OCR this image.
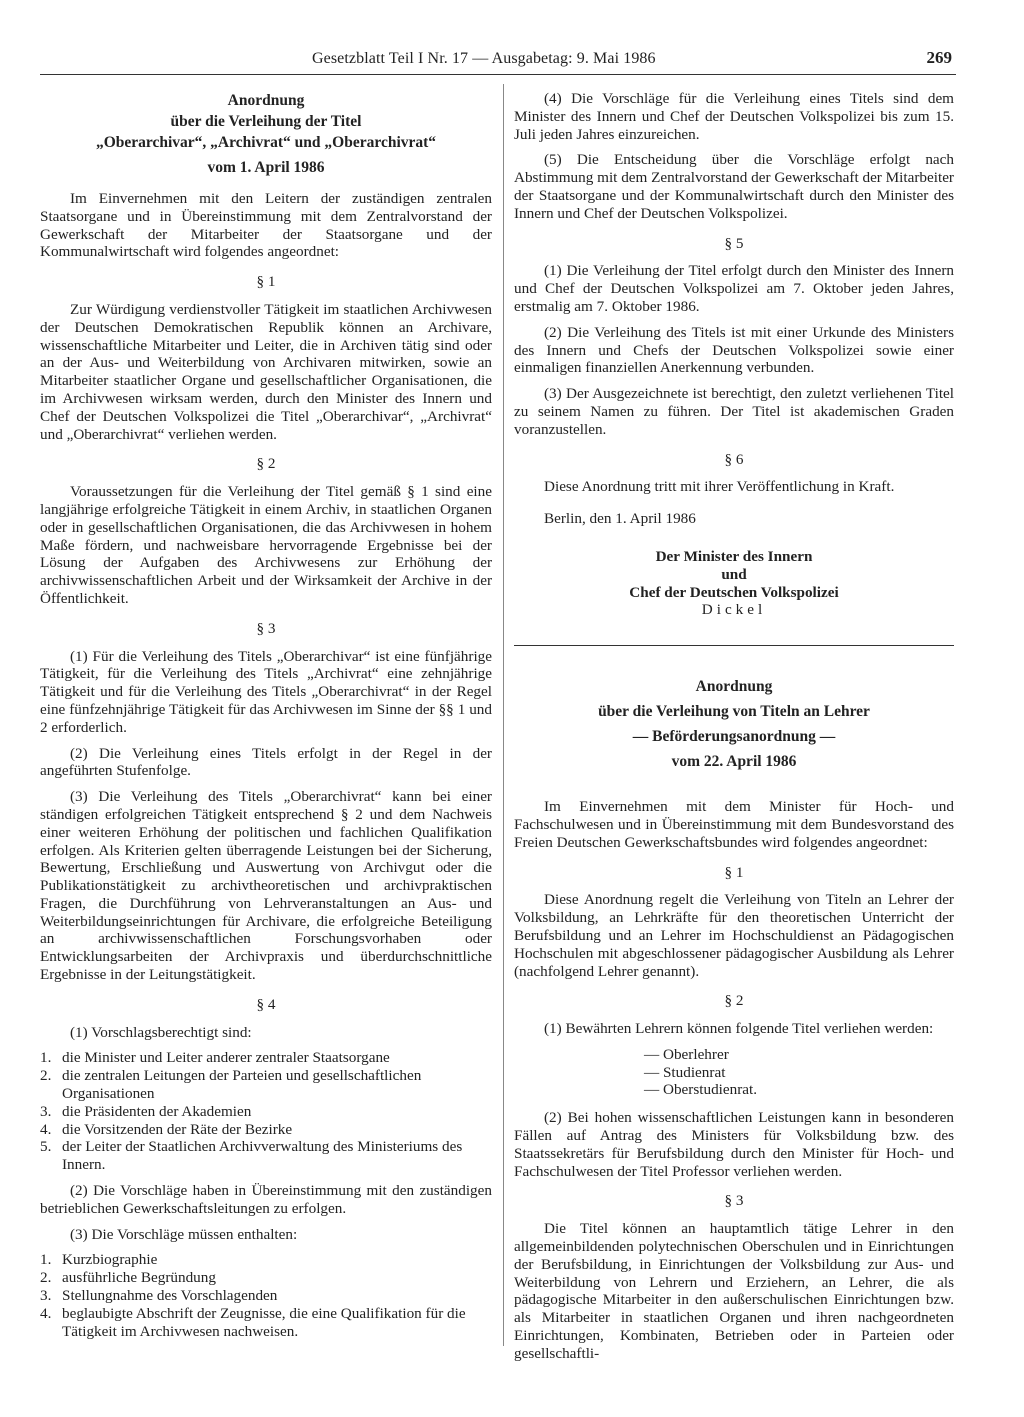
Gesetzblatt Teil I Nr. 17 — Ausgabetag: 9. Mai 1986	269

Anordnung

über die Verleihung der Titel

„Oberarchivar“, „Archivrat“ und „Oberarchivrat“

vom 1. April 1986

Im Einvernehmen mit den Leitern der zuständigen zentralen Staatsorgane und in Übereinstimmung mit dem Zentralvorstand der Gewerkschaft der Mitarbeiter der Staatsorgane und der Kommunalwirtschaft wird folgendes angeordnet:

§ 1

Zur Würdigung verdienstvoller Tätigkeit im staatlichen Archivwesen der Deutschen Demokratischen Republik können an Archivare, wissenschaftliche Mitarbeiter und Leiter, die in Archiven tätig sind oder an der Aus- und Weiterbildung von Archivaren mitwirken, sowie an Mitarbeiter staatlicher Organe und gesellschaftlicher Organisationen, die im Archivwesen wirksam werden, durch den Minister des Innern und Chef der Deutschen Volkspolizei die Titel „Oberarchivar“, „Archivrat“ und „Oberarchivrat“ verliehen werden.

§ 2

Voraussetzungen für die Verleihung der Titel gemäß § 1 sind eine langjährige erfolgreiche Tätigkeit in einem Archiv, in staatlichen Organen oder in gesellschaftlichen Organisationen, die das Archivwesen in hohem Maße fördern, und nachweisbare hervorragende Ergebnisse bei der Lösung der Aufgaben des Archivwesens zur Erhöhung der archivwissenschaftlichen Arbeit und der Wirksamkeit der Archive in der Öffentlichkeit.

§ 3

(1) Für die Verleihung des Titels „Oberarchivar“ ist eine fünfjährige Tätigkeit, für die Verleihung des Titels „Archivrat“ eine zehnjährige Tätigkeit und für die Verleihung des Titels „Oberarchivrat“ in der Regel eine fünfzehnjährige Tätigkeit für das Archivwesen im Sinne der §§ 1 und 2 erforderlich.

(2) Die Verleihung eines Titels erfolgt in der Regel in der angeführten Stufenfolge.

(3) Die Verleihung des Titels „Oberarchivrat“ kann bei einer ständigen erfolgreichen Tätigkeit entsprechend § 2 und dem Nachweis einer weiteren Erhöhung der politischen und fachlichen Qualifikation erfolgen. Als Kriterien gelten überragende Leistungen bei der Sicherung, Bewertung, Erschließung und Auswertung von Archivgut oder die Publikationstätigkeit zu archivtheoretischen und archivpraktischen Fragen, die Durchführung von Lehrveranstaltungen an Aus- und Weiterbildungseinrichtungen für Archivare, die erfolgreiche Beteiligung an archivwissenschaftlichen Forschungsvorhaben oder Entwicklungsarbeiten der Archivpraxis und überdurchschnittliche Ergebnisse in der Leitungstätigkeit.

§ 4

(1) Vorschlagsberechtigt sind:

1. die Minister und Leiter anderer zentraler Staatsorgane
2. die zentralen Leitungen der Parteien und gesellschaftlichen Organisationen
3. die Präsidenten der Akademien
4. die Vorsitzenden der Räte der Bezirke
5. der Leiter der Staatlichen Archivverwaltung des Ministeriums des Innern.

(2) Die Vorschläge haben in Übereinstimmung mit den zuständigen betrieblichen Gewerkschaftsleitungen zu erfolgen.

(3) Die Vorschläge müssen enthalten:

1. Kurzbiographie
2. ausführliche Begründung
3. Stellungnahme des Vorschlagenden
4. beglaubigte Abschrift der Zeugnisse, die eine Qualifikation für die Tätigkeit im Archivwesen nachweisen.

(4) Die Vorschläge für die Verleihung eines Titels sind dem Minister des Innern und Chef der Deutschen Volkspolizei bis zum 15. Juli jeden Jahres einzureichen.

(5) Die Entscheidung über die Vorschläge erfolgt nach Abstimmung mit dem Zentralvorstand der Gewerkschaft der Mitarbeiter der Staatsorgane und der Kommunalwirtschaft durch den Minister des Innern und Chef der Deutschen Volkspolizei.

§ 5

(1) Die Verleihung der Titel erfolgt durch den Minister des Innern und Chef der Deutschen Volkspolizei am 7. Oktober jeden Jahres, erstmalig am 7. Oktober 1986.

(2) Die Verleihung des Titels ist mit einer Urkunde des Ministers des Innern und Chefs der Deutschen Volkspolizei sowie einer einmaligen finanziellen Anerkennung verbunden.

(3) Der Ausgezeichnete ist berechtigt, den zuletzt verliehenen Titel zu seinem Namen zu führen. Der Titel ist akademischen Graden voranzustellen.

§ 6

Diese Anordnung tritt mit ihrer Veröffentlichung in Kraft.

Berlin, den 1. April 1986

Der Minister des Innern

und

Chef der Deutschen Volkspolizei

Dickel

Anordnung

über die Verleihung von Titeln an Lehrer

— Beförderungsanordnung —

vom 22. April 1986

Im Einvernehmen mit dem Minister für Hoch- und Fachschulwesen und in Übereinstimmung mit dem Bundesvorstand des Freien Deutschen Gewerkschaftsbundes wird folgendes angeordnet:

§ 1

Diese Anordnung regelt die Verleihung von Titeln an Lehrer der Volksbildung, an Lehrkräfte für den theoretischen Unterricht der Berufsbildung und an Lehrer im Hochschuldienst an Pädagogischen Hochschulen mit abgeschlossener pädagogischer Ausbildung als Lehrer (nachfolgend Lehrer genannt).

§ 2

(1) Bewährten Lehrern können folgende Titel verliehen werden:

— Oberlehrer
— Studienrat
— Oberstudienrat.

(2) Bei hohen wissenschaftlichen Leistungen kann in besonderen Fällen auf Antrag des Ministers für Volksbildung bzw. des Staatssekretärs für Berufsbildung durch den Minister für Hoch- und Fachschulwesen der Titel Professor verliehen werden.

§ 3

Die Titel können an hauptamtlich tätige Lehrer in den allgemeinbildenden polytechnischen Oberschulen und in Einrichtungen der Berufsbildung, in Einrichtungen der Volksbildung zur Aus- und Weiterbildung von Lehrern und Erziehern, an Lehrer, die als pädagogische Mitarbeiter in den außerschulischen Einrichtungen bzw. als Mitarbeiter in staatlichen Organen und ihren nachgeordneten Einrichtungen, Kombinaten, Betrieben oder in Parteien oder gesellschaftli-
